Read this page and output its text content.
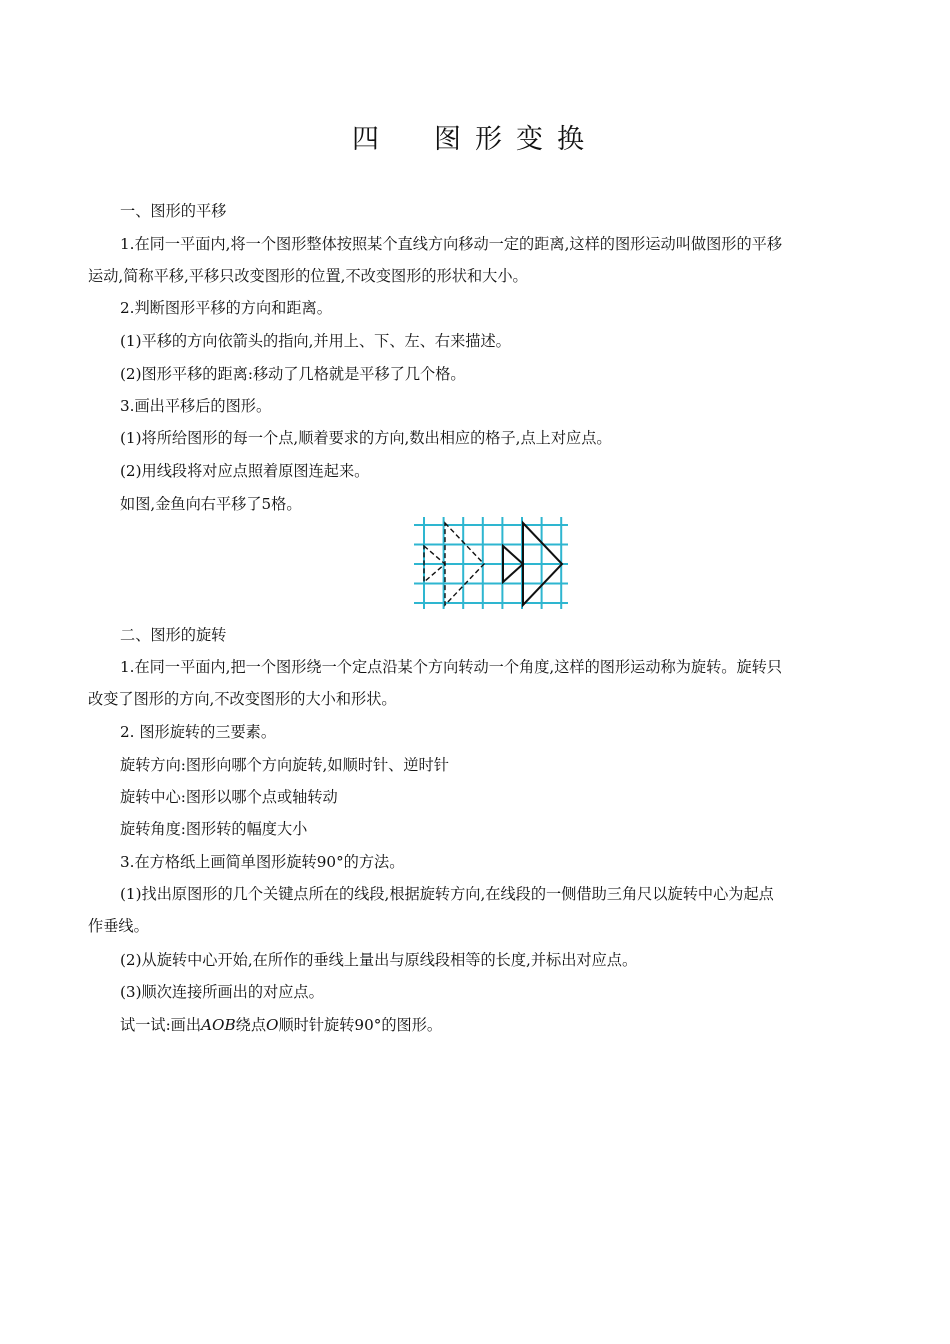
四　图形变换
一、图形的平移
1.在同一平面内,将一个图形整体按照某个直线方向移动一定的距离,这样的图形运动叫做图形的平移
运动,简称平移,平移只改变图形的位置,不改变图形的形状和大小。
2.判断图形平移的方向和距离。
(1)平移的方向依箭头的指向,并用上、下、左、右来描述。
(2)图形平移的距离:移动了几格就是平移了几个格。
3.画出平移后的图形。
(1)将所给图形的每一个点,顺着要求的方向,数出相应的格子,点上对应点。
(2)用线段将对应点照着原图连起来。
如图,金鱼向右平移了5格。
二、图形的旋转
1.在同一平面内,把一个图形绕一个定点沿某个方向转动一个角度,这样的图形运动称为旋转。旋转只
改变了图形的方向,不改变图形的大小和形状。
2. 图形旋转的三要素。
旋转方向:图形向哪个方向旋转,如顺时针、逆时针
旋转中心:图形以哪个点或轴转动
旋转角度:图形转的幅度大小
3.在方格纸上画简单图形旋转90°的方法。
(1)找出原图形的几个关键点所在的线段,根据旋转方向,在线段的一侧借助三角尺以旋转中心为起点
作垂线。
(2)从旋转中心开始,在所作的垂线上量出与原线段相等的长度,并标出对应点。
(3)顺次连接所画出的对应点。
试一试:画出AOB绕点O顺时针旋转90°的图形。
